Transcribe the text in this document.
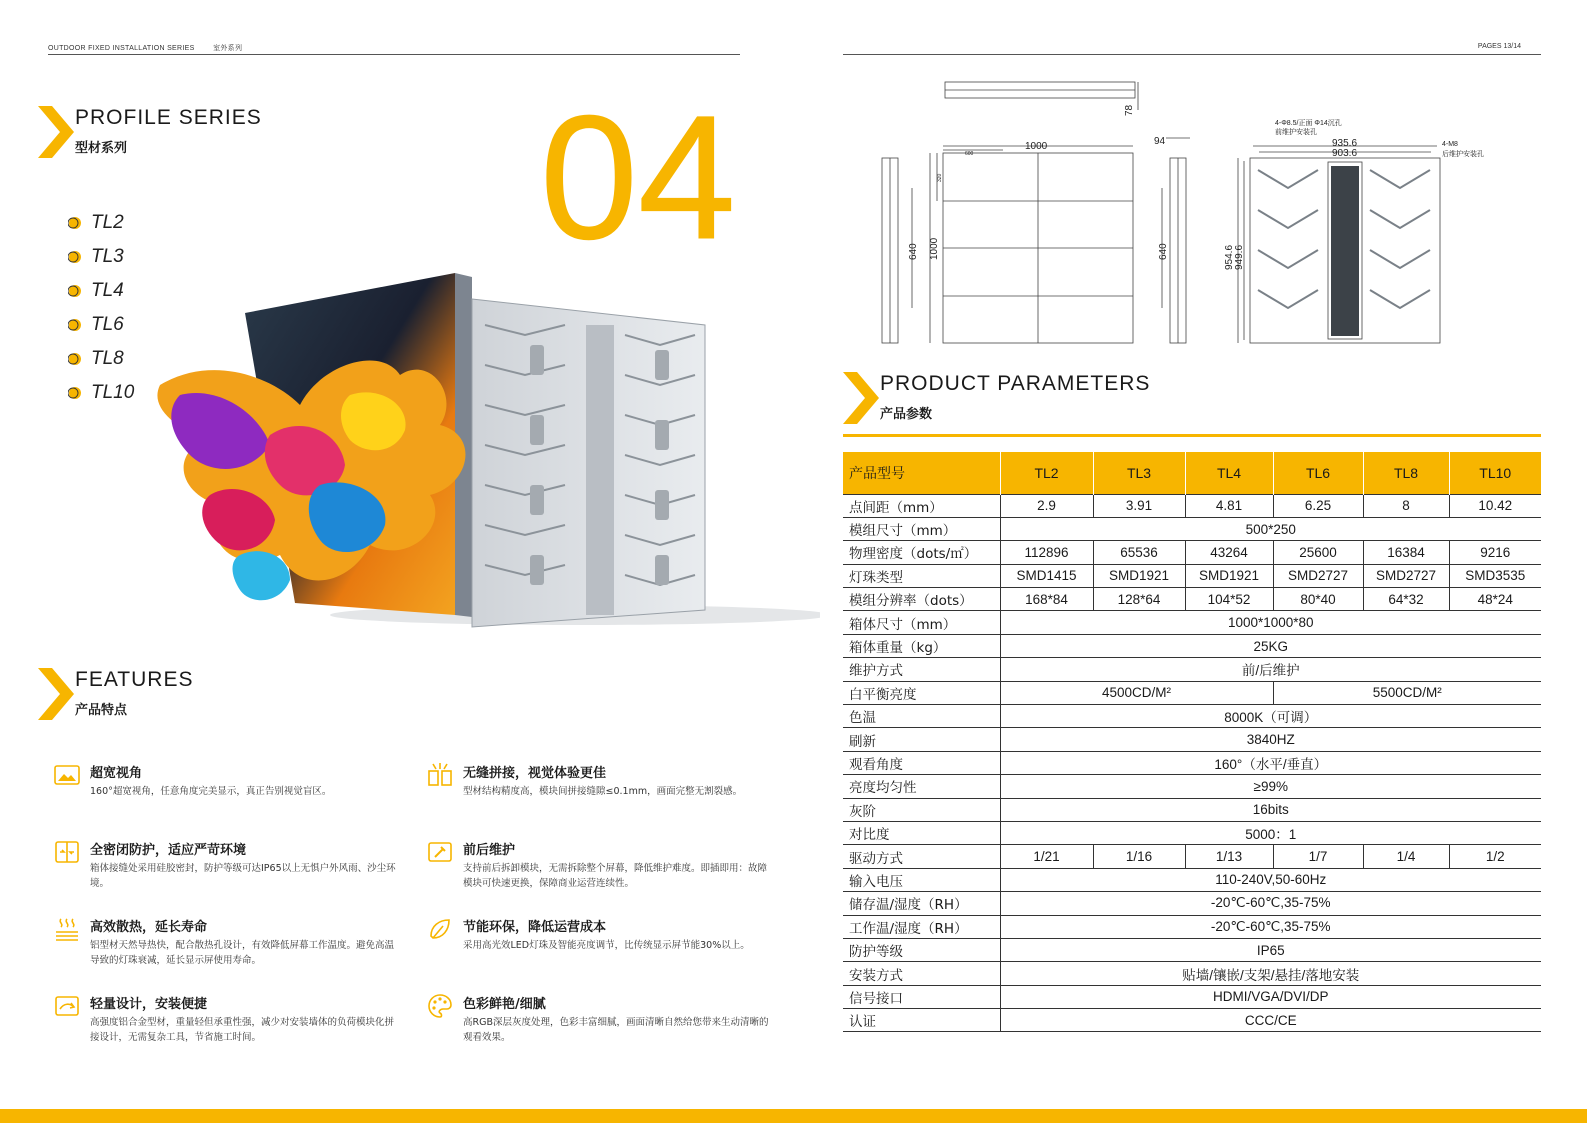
OUTDOOR FIXED INSTALLATION SERIES	室外系列	PAGES 13/14
04
PROFILE SERIES
型材系列
TL2
TL3
TL4
TL6
TL8
TL10
FEATURES
产品特点
超宽视角
160°超宽视角，任意角度完美显示，真正告别视觉盲区。
无缝拼接，视觉体验更佳
型材结构精度高，模块间拼接缝隙≤0.1mm，画面完整无割裂感。
全密闭防护，适应严苛环境
箱体接缝处采用硅胶密封，防护等级可达IP65以上无惧户外风雨、沙尘环境。
前后维护
支持前后拆卸模块，无需拆除整个屏幕，降低维护难度。即插即用：故障模块可快速更换，保障商业运营连续性。
高效散热，延长寿命
铝型材天然导热快，配合散热孔设计，有效降低屏幕工作温度。避免高温导致的灯珠衰减，延长显示屏使用寿命。
节能环保，降低运营成本
采用高光效LED灯珠及智能亮度调节，比传统显示屏节能30%以上。
轻量设计，安装便捷
高强度铝合金型材，重量轻但承重性强，减少对安装墙体的负荷模块化拼接设计，无需复杂工具，节省施工时间。
色彩鲜艳/细腻
高RGB深层灰度处理，色彩丰富细腻，画面清晰自然给您带来生动清晰的观看效果。
78
1000
600
320
640 1000
94
640
4-Φ8.5/正面 Φ14沉孔
前维护安装孔
4-M8
后维护安装孔
935.6
903.6
954.6 949.6
PRODUCT PARAMETERS
产品参数
产品型号	TL2	TL3	TL4	TL6	TL8	TL10
点间距（mm）	2.9	3.91	4.81	6.25	8	10.42
模组尺寸（mm）	500*250					
物理密度（dots/㎡）	112896	65536	43264	25600	16384	9216
灯珠类型	SMD1415	SMD1921	SMD1921	SMD2727	SMD2727	SMD3535
模组分辨率（dots）	168*84	128*64	104*52	80*40	64*32	48*24
箱体尺寸（mm）	1000*1000*80					
箱体重量（kg）	25KG					
维护方式	前/后维护					
白平衡亮度	4500CD/M²			5500CD/M²		
色温	8000K（可调）					
刷新	3840HZ					
观看角度	160°（水平/垂直）					
亮度均匀性	≥99%					
灰阶	16bits					
对比度	5000：1					
驱动方式	1/21	1/16	1/13	1/7	1/4	1/2
输入电压	110-240V,50-60Hz					
储存温/湿度（RH）	-20℃-60℃,35-75%					
工作温/湿度（RH）	-20℃-60℃,35-75%					
防护等级	IP65					
安装方式	贴墙/镶嵌/支架/悬挂/落地安装					
信号接口	HDMI/VGA/DVI/DP					
认证	CCC/CE					
